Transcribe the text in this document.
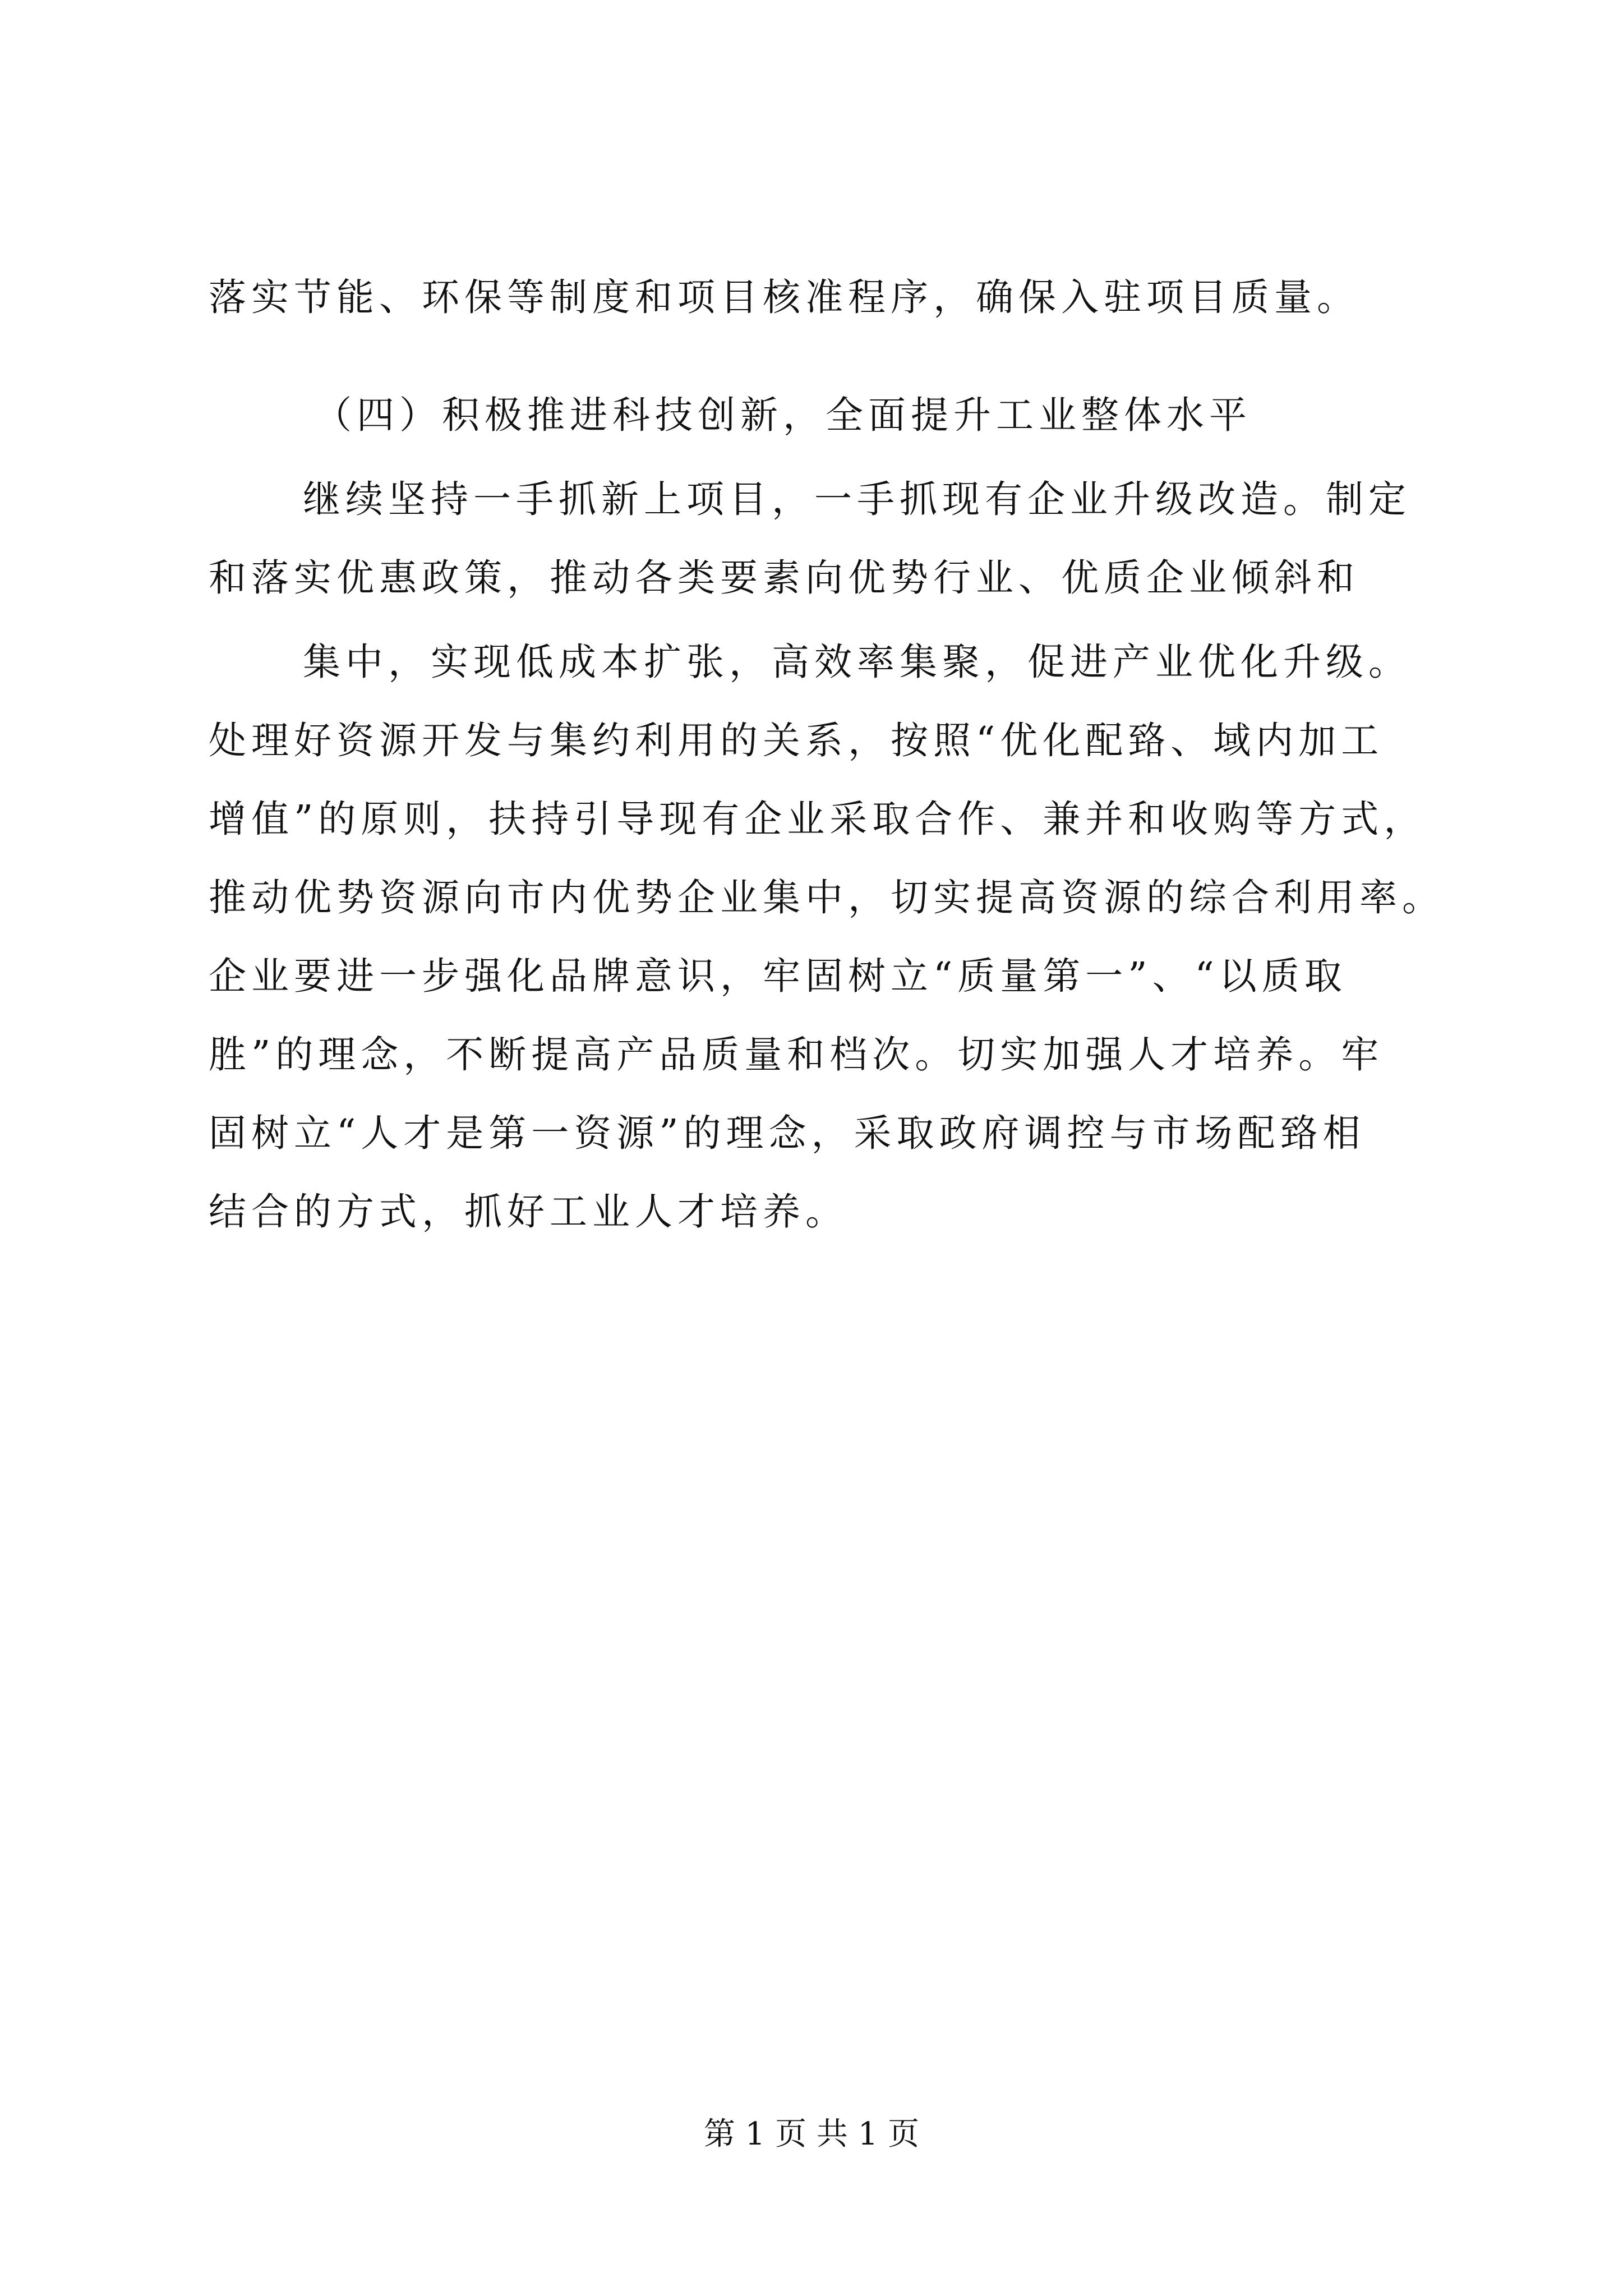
落实节能、环保等制度和项目核准程序，确保入驻项目质量。
（四）积极推进科技创新，全面提升工业整体水平
继续坚持一手抓新上项目，一手抓现有企业升级改造。制定
和落实优惠政策，推动各类要素向优势行业、优质企业倾斜和
集中，实现低成本扩张，高效率集聚，促进产业优化升级。
处理好资源开发与集约利用的关系，按照“优化配臵、域内加工
增值”的原则，扶持引导现有企业采取合作、兼并和收购等方式，
推动优势资源向市内优势企业集中，切实提高资源的综合利用率。
企业要进一步强化品牌意识，牢固树立“质量第一”、“以质取
胜”的理念，不断提高产品质量和档次。切实加强人才培养。牢
固树立“人才是第一资源”的理念，采取政府调控与市场配臵相
结合的方式，抓好工业人才培养。
第 1 页 共 1 页
